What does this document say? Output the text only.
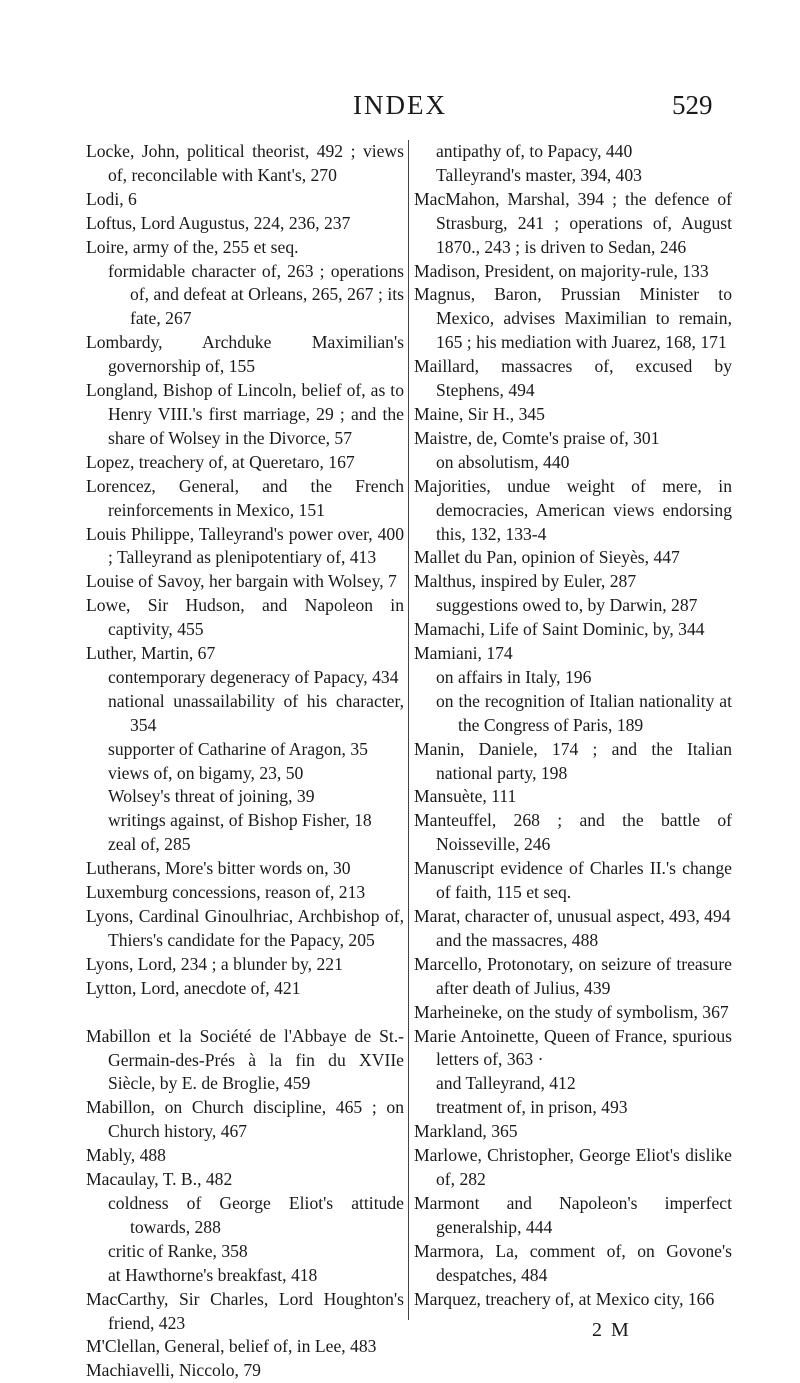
INDEX	529
Locke, John, political theorist, 492 ; views of, reconcilable with Kant's, 270
Lodi, 6
Loftus, Lord Augustus, 224, 236, 237
Loire, army of the, 255 et seq.
formidable character of, 263 ; operations of, and defeat at Orleans, 265, 267 ; its fate, 267
Lombardy, Archduke Maximilian's governorship of, 155
Longland, Bishop of Lincoln, belief of, as to Henry VIII.'s first marriage, 29 ; and the share of Wolsey in the Divorce, 57
Lopez, treachery of, at Queretaro, 167
Lorencez, General, and the French reinforcements in Mexico, 151
Louis Philippe, Talleyrand's power over, 400 ; Talleyrand as plenipotentiary of, 413
Louise of Savoy, her bargain with Wolsey, 7
Lowe, Sir Hudson, and Napoleon in captivity, 455
Luther, Martin, 67
contemporary degeneracy of Papacy, 434
national unassailability of his character, 354
supporter of Catharine of Aragon, 35
views of, on bigamy, 23, 50
Wolsey's threat of joining, 39
writings against, of Bishop Fisher, 18
zeal of, 285
Lutherans, More's bitter words on, 30
Luxemburg concessions, reason of, 213
Lyons, Cardinal Ginoulhriac, Archbishop of, Thiers's candidate for the Papacy, 205
Lyons, Lord, 234 ; a blunder by, 221
Lytton, Lord, anecdote of, 421
Mabillon et la Société de l'Abbaye de St.-Germain-des-Prés à la fin du XVIIe Siècle, by E. de Broglie, 459
Mabillon, on Church discipline, 465 ; on Church history, 467
Mably, 488
Macaulay, T. B., 482
coldness of George Eliot's attitude towards, 288
critic of Ranke, 358
at Hawthorne's breakfast, 418
MacCarthy, Sir Charles, Lord Houghton's friend, 423
M'Clellan, General, belief of, in Lee, 483
Machiavelli, Niccolo, 79
antipathy of, to Papacy, 440
Talleyrand's master, 394, 403
MacMahon, Marshal, 394 ; the defence of Strasburg, 241 ; operations of, August 1870., 243 ; is driven to Sedan, 246
Madison, President, on majority-rule, 133
Magnus, Baron, Prussian Minister to Mexico, advises Maximilian to remain, 165 ; his mediation with Juarez, 168, 171
Maillard, massacres of, excused by Stephens, 494
Maine, Sir H., 345
Maistre, de, Comte's praise of, 301
on absolutism, 440
Majorities, undue weight of mere, in democracies, American views endorsing this, 132, 133-4
Mallet du Pan, opinion of Sieyès, 447
Malthus, inspired by Euler, 287
suggestions owed to, by Darwin, 287
Mamachi, Life of Saint Dominic, by, 344
Mamiani, 174
on affairs in Italy, 196
on the recognition of Italian nationality at the Congress of Paris, 189
Manin, Daniele, 174 ; and the Italian national party, 198
Mansuète, 111
Manteuffel, 268 ; and the battle of Noisseville, 246
Manuscript evidence of Charles II.'s change of faith, 115 et seq.
Marat, character of, unusual aspect, 493, 494
and the massacres, 488
Marcello, Protonotary, on seizure of treasure after death of Julius, 439
Marheineke, on the study of symbolism, 367
Marie Antoinette, Queen of France, spurious letters of, 363 ·
and Talleyrand, 412
treatment of, in prison, 493
Markland, 365
Marlowe, Christopher, George Eliot's dislike of, 282
Marmont and Napoleon's imperfect generalship, 444
Marmora, La, comment of, on Govone's despatches, 484
Marquez, treachery of, at Mexico city, 166
2 M
